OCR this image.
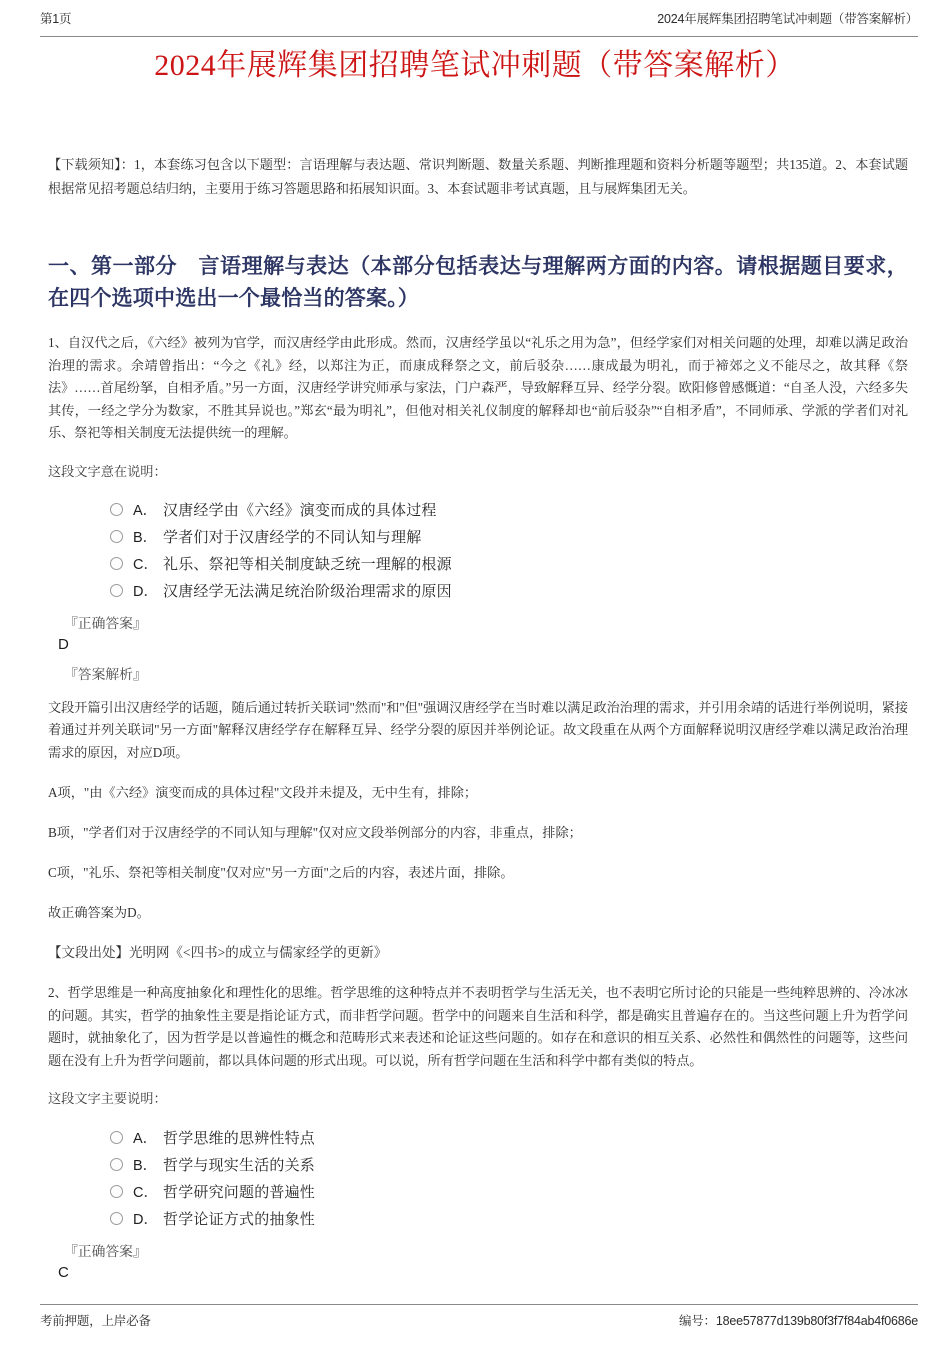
第1页	2024年展辉集团招聘笔试冲刺题（带答案解析）
2024年展辉集团招聘笔试冲刺题（带答案解析）

【下载须知】：1，本套练习包含以下题型：言语理解与表达题、常识判断题、数量关系题、判断推理题和资料分析题等题型；共135道。2、本套试题根据常见招考题总结归纳，主要用于练习答题思路和拓展知识面。3、本套试题非考试真题，且与展辉集团无关。

一、第一部分　言语理解与表达（本部分包括表达与理解两方面的内容。请根据题目要求，在四个选项中选出一个最恰当的答案。）

1、自汉代之后，《六经》被列为官学，而汉唐经学由此形成。然而，汉唐经学虽以“礼乐之用为急”，但经学家们对相关问题的处理，却难以满足政治治理的需求。余靖曾指出：“今之《礼》经，以郑注为正，而康成释祭之文，前后驳杂……康成最为明礼，而于褅郊之义不能尽之，故其释《祭法》……首尾纷拏，自相矛盾。”另一方面，汉唐经学讲究师承与家法，门户森严，导致解释互异、经学分裂。欧阳修曾感慨道：“自圣人没，六经多失其传，一经之学分为数家，不胜其异说也。”郑玄“最为明礼”，但他对相关礼仪制度的解释却也“前后驳杂”“自相矛盾”，不同师承、学派的学者们对礼乐、祭祀等相关制度无法提供统一的理解。

这段文字意在说明：

A． 汉唐经学由《六经》演变而成的具体过程
B． 学者们对于汉唐经学的不同认知与理解
C． 礼乐、祭祀等相关制度缺乏统一理解的根源
D． 汉唐经学无法满足统治阶级治理需求的原因
『正确答案』
D
『答案解析』

文段开篇引出汉唐经学的话题，随后通过转折关联词"然而"和"但"强调汉唐经学在当时难以满足政治治理的需求，并引用余靖的话进行举例说明，紧接着通过并列关联词"另一方面"解释汉唐经学存在解释互异、经学分裂的原因并举例论证。故文段重在从两个方面解释说明汉唐经学难以满足政治治理需求的原因，对应D项。

A项，"由《六经》演变而成的具体过程"文段并未提及，无中生有，排除；

B项，"学者们对于汉唐经学的不同认知与理解"仅对应文段举例部分的内容，非重点，排除；

C项，"礼乐、祭祀等相关制度"仅对应"另一方面"之后的内容，表述片面，排除。

故正确答案为D。

【文段出处】光明网《<四书>的成立与儒家经学的更新》

2、哲学思维是一种高度抽象化和理性化的思维。哲学思维的这种特点并不表明哲学与生活无关，也不表明它所讨论的只能是一些纯粹思辨的、冷冰冰的问题。其实，哲学的抽象性主要是指论证方式，而非哲学问题。哲学中的问题来自生活和科学，都是确实且普遍存在的。当这些问题上升为哲学问题时，就抽象化了，因为哲学是以普遍性的概念和范畴形式来表述和论证这些问题的。如存在和意识的相互关系、必然性和偶然性的问题等，这些问题在没有上升为哲学问题前，都以具体问题的形式出现。可以说，所有哲学问题在生活和科学中都有类似的特点。

这段文字主要说明：

A． 哲学思维的思辨性特点
B． 哲学与现实生活的关系
C． 哲学研究问题的普遍性
D． 哲学论证方式的抽象性
『正确答案』
C
考前押题，上岸必备	编号：18ee57877d139b80f3f7f84ab4f0686e
